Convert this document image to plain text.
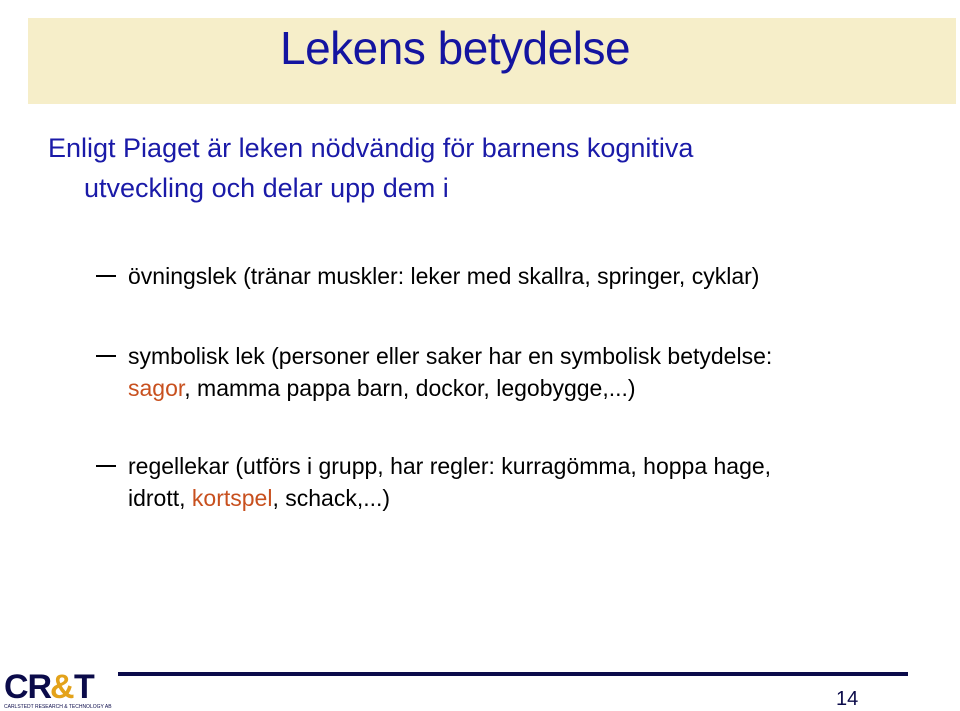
Lekens betydelse
Enligt Piaget är leken nödvändig för barnens kognitiva
utveckling och delar upp dem i
övningslek (tränar muskler: leker med skallra, springer, cyklar)
symbolisk lek (personer eller saker har en symbolisk betydelse:
sagor, mamma pappa barn, dockor, legobygge,...)
regellekar (utförs i grupp, har regler: kurragömma, hoppa hage,
idrott, kortspel, schack,...)
CR
& T
CARLSTEDT RESEARCH & TECHNOLOGY AB	14
